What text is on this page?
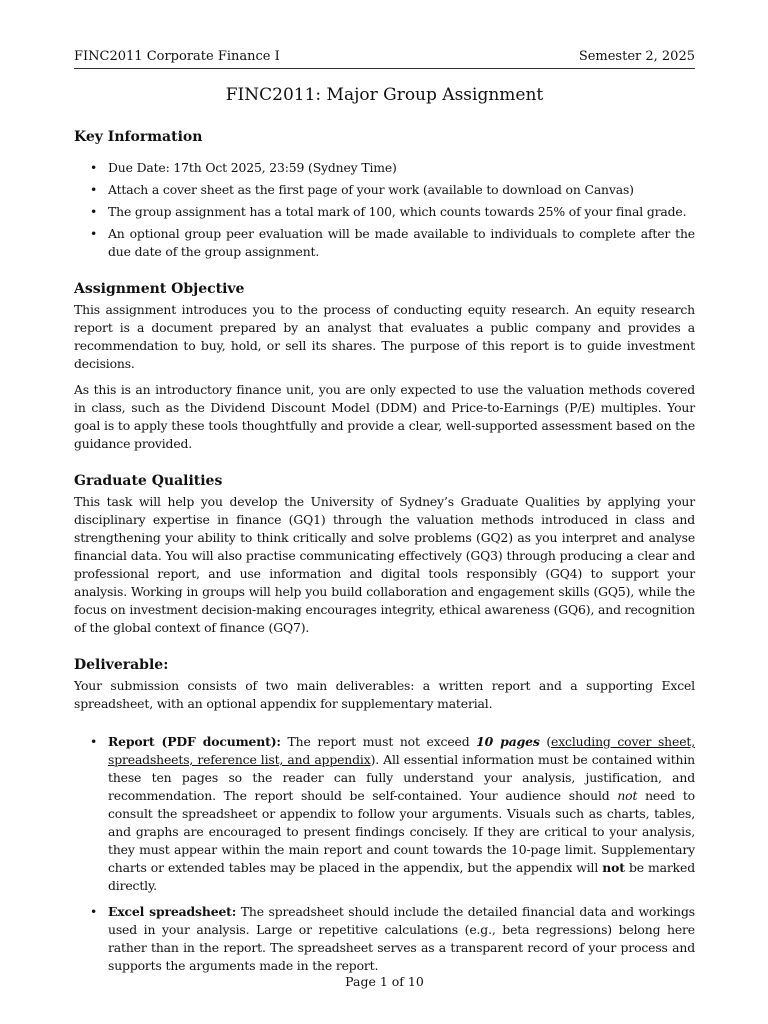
FINC2011 Corporate Finance I	Semester 2, 2025
FINC2011: Major Group Assignment
Key Information
• Due Date: 17th Oct 2025, 23:59 (Sydney Time)
• Attach a cover sheet as the first page of your work (available to download on Canvas)
• The group assignment has a total mark of 100, which counts towards 25% of your final grade.
• An optional group peer evaluation will be made available to individuals to complete after the due date of the group assignment.
Assignment Objective

This assignment introduces you to the process of conducting equity research. An equity research report is a document prepared by an analyst that evaluates a public company and provides a recommendation to buy, hold, or sell its shares. The purpose of this report is to guide investment decisions.

As this is an introductory finance unit, you are only expected to use the valuation methods covered in class, such as the Dividend Discount Model (DDM) and Price-to-Earnings (P/E) multiples. Your goal is to apply these tools thoughtfully and provide a clear, well-supported assessment based on the guidance provided.

Graduate Qualities

This task will help you develop the University of Sydney’s Graduate Qualities by applying your disciplinary expertise in finance (GQ1) through the valuation methods introduced in class and strengthening your ability to think critically and solve problems (GQ2) as you interpret and analyse financial data. You will also practise communicating effectively (GQ3) through producing a clear and professional report, and use information and digital tools responsibly (GQ4) to support your analysis. Working in groups will help you build collaboration and engagement skills (GQ5), while the focus on investment decision-making encourages integrity, ethical awareness (GQ6), and recognition of the global context of finance (GQ7).

Deliverable:

Your submission consists of two main deliverables: a written report and a supporting Excel spreadsheet, with an optional appendix for supplementary material.

• Report (PDF document): The report must not exceed 10 pages (excluding cover sheet, spreadsheets, reference list, and appendix). All essential information must be contained within these ten pages so the reader can fully understand your analysis, justification, and recommendation. The report should be self-contained. Your audience should not need to consult the spreadsheet or appendix to follow your arguments. Visuals such as charts, tables, and graphs are encouraged to present findings concisely. If they are critical to your analysis, they must appear within the main report and count towards the 10-page limit. Supplementary charts or extended tables may be placed in the appendix, but the appendix will not be marked directly.
• Excel spreadsheet: The spreadsheet should include the detailed financial data and workings used in your analysis. Large or repetitive calculations (e.g., beta regressions) belong here rather than in the report. The spreadsheet serves as a transparent record of your process and supports the arguments made in the report.
Page 1 of 10
